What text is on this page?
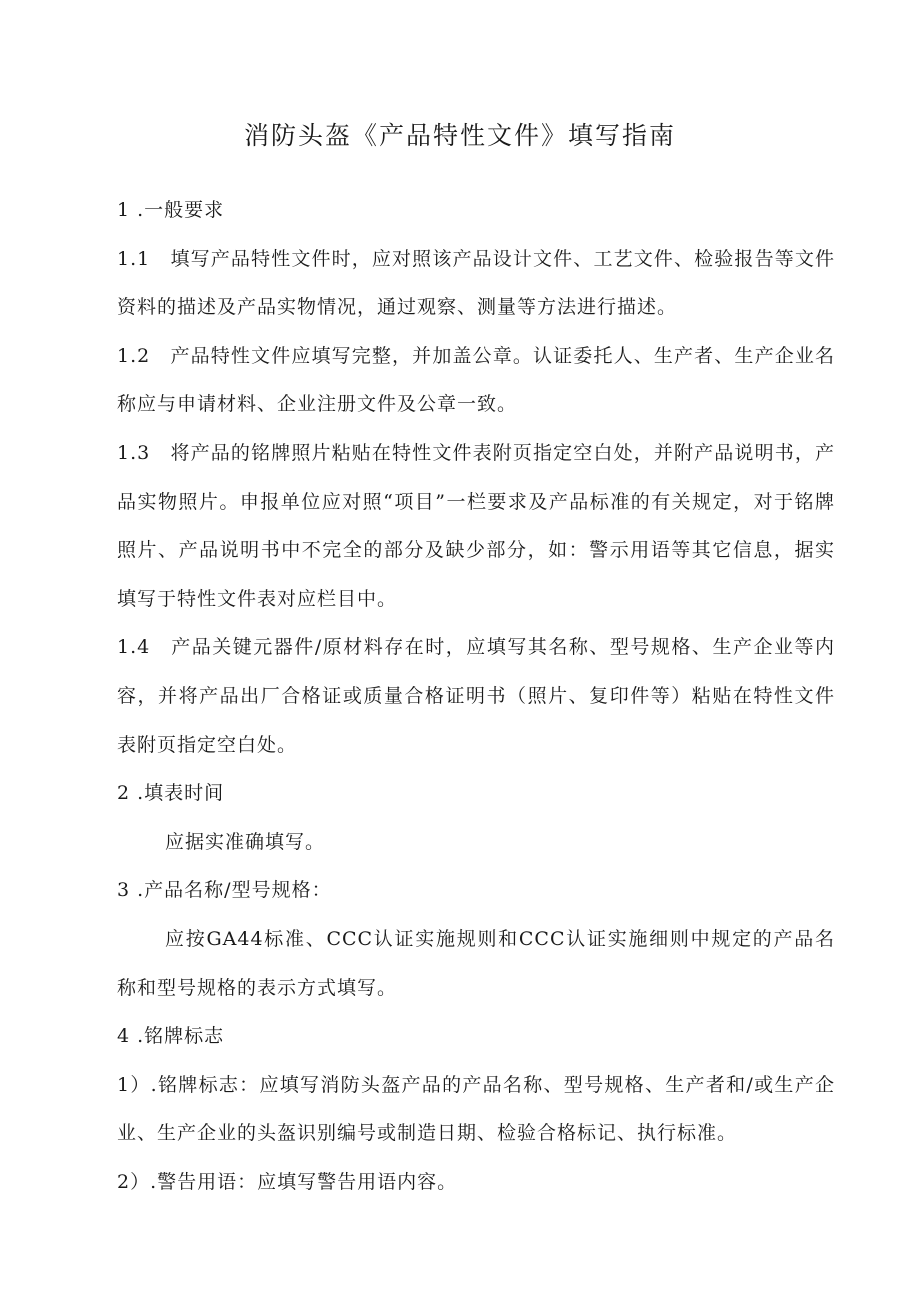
消防头盔《产品特性文件》填写指南

1 .一般要求

1.1　填写产品特性文件时，应对照该产品设计文件、工艺文件、检验报告等文件资料的描述及产品实物情况，通过观察、测量等方法进行描述。

1.2　产品特性文件应填写完整，并加盖公章。认证委托人、生产者、生产企业名称应与申请材料、企业注册文件及公章一致。

1.3　将产品的铭牌照片粘贴在特性文件表附页指定空白处，并附产品说明书，产品实物照片。申报单位应对照“项目”一栏要求及产品标准的有关规定，对于铭牌照片、产品说明书中不完全的部分及缺少部分，如：警示用语等其它信息，据实填写于特性文件表对应栏目中。

1.4　产品关键元器件/原材料存在时，应填写其名称、型号规格、生产企业等内容，并将产品出厂合格证或质量合格证明书（照片、复印件等）粘贴在特性文件表附页指定空白处。

2 .填表时间

应据实准确填写。

3 .产品名称/型号规格：

应按GA44标准、CCC认证实施规则和CCC认证实施细则中规定的产品名称和型号规格的表示方式填写。

4 .铭牌标志

1）.铭牌标志：应填写消防头盔产品的产品名称、型号规格、生产者和/或生产企业、生产企业的头盔识别编号或制造日期、检验合格标记、执行标准。

2）.警告用语：应填写警告用语内容。
